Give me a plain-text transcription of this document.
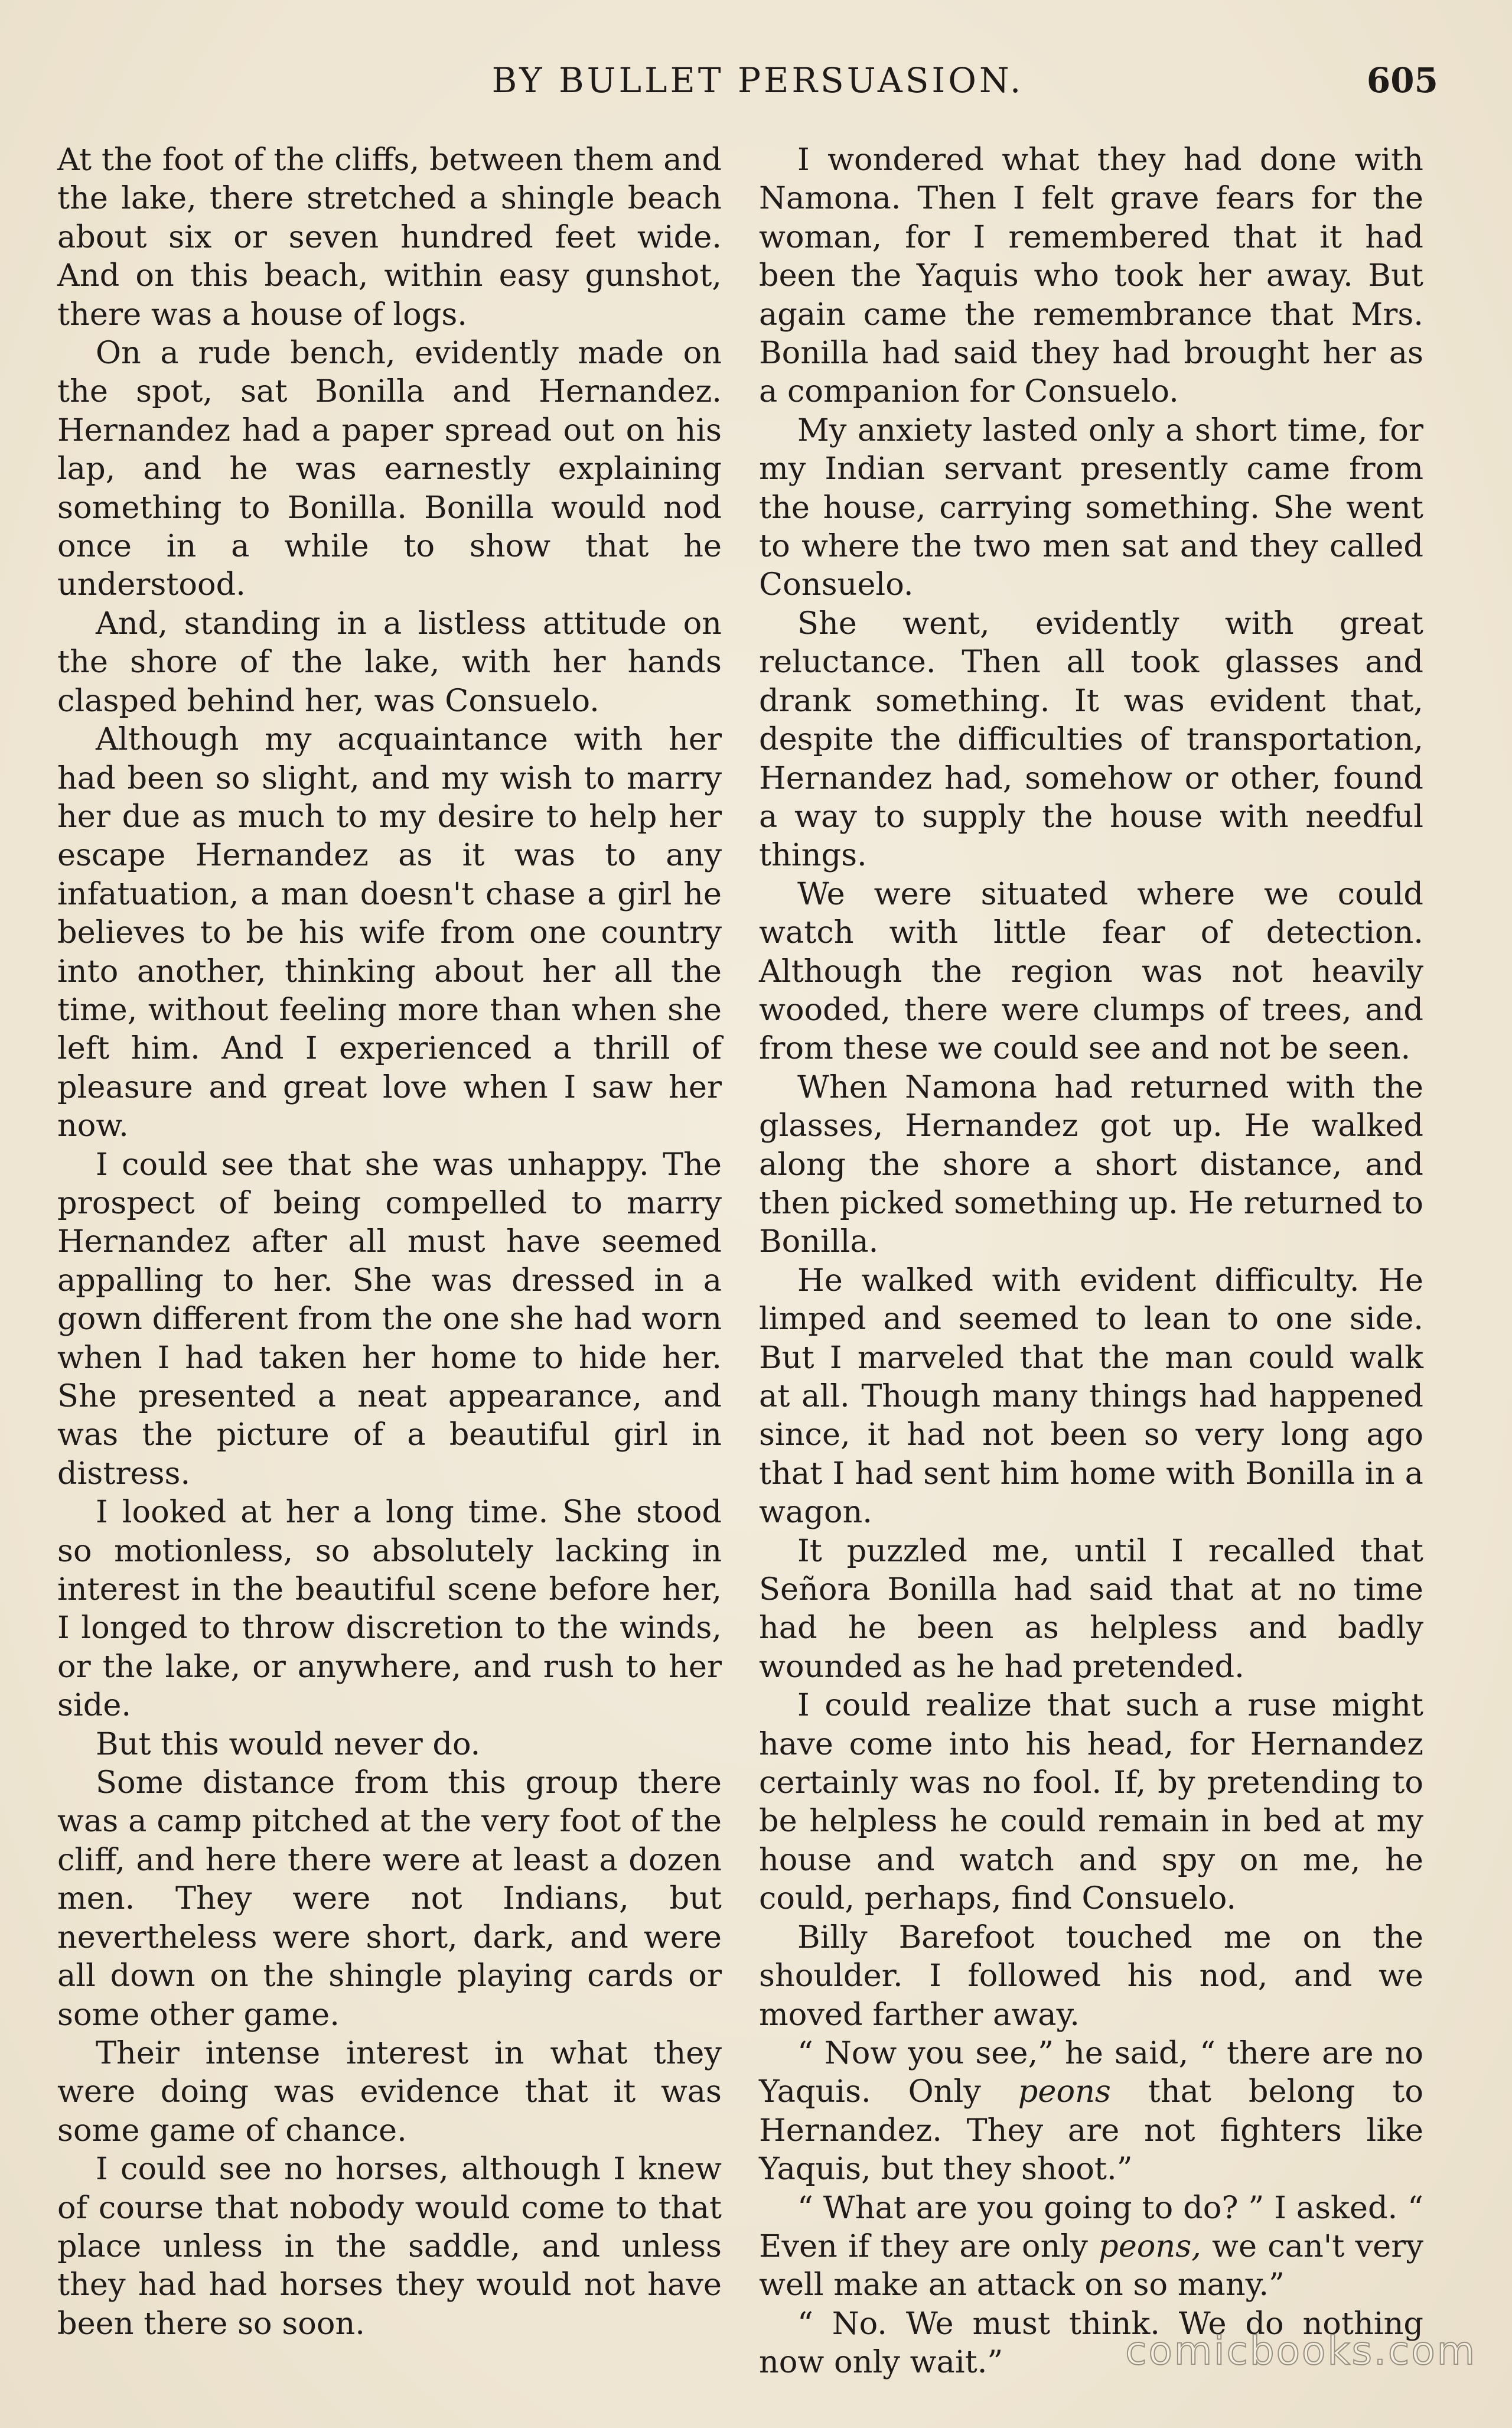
BY BULLET PERSUASION.	605

At the foot of the cliffs, between them and the lake, there stretched a shingle beach about six or seven hundred feet wide. And on this beach, within easy gunshot, there was a house of logs.

On a rude bench, evidently made on the spot, sat Bonilla and Hernandez. Hernandez had a paper spread out on his lap, and he was earnestly explaining something to Bonilla. Bonilla would nod once in a while to show that he understood.

And, standing in a listless attitude on the shore of the lake, with her hands clasped behind her, was Consuelo.

Although my acquaintance with her had been so slight, and my wish to marry her due as much to my desire to help her escape Hernandez as it was to any infatuation, a man doesn't chase a girl he believes to be his wife from one country into another, thinking about her all the time, without feeling more than when she left him. And I experienced a thrill of pleasure and great love when I saw her now.

I could see that she was unhappy. The prospect of being compelled to marry Hernandez after all must have seemed appalling to her. She was dressed in a gown different from the one she had worn when I had taken her home to hide her. She presented a neat appearance, and was the picture of a beautiful girl in distress.

I looked at her a long time. She stood so motionless, so absolutely lacking in interest in the beautiful scene before her, I longed to throw discretion to the winds, or the lake, or anywhere, and rush to her side.

But this would never do.

Some distance from this group there was a camp pitched at the very foot of the cliff, and here there were at least a dozen men. They were not Indians, but nevertheless were short, dark, and were all down on the shingle playing cards or some other game.

Their intense interest in what they were doing was evidence that it was some game of chance.

I could see no horses, although I knew of course that nobody would come to that place unless in the saddle, and unless they had had horses they would not have been there so soon.

I wondered what they had done with Namona. Then I felt grave fears for the woman, for I remembered that it had been the Yaquis who took her away. But again came the remembrance that Mrs. Bonilla had said they had brought her as a companion for Consuelo.

My anxiety lasted only a short time, for my Indian servant presently came from the house, carrying something. She went to where the two men sat and they called Consuelo.

She went, evidently with great reluctance. Then all took glasses and drank something. It was evident that, despite the difficulties of transportation, Hernandez had, somehow or other, found a way to supply the house with needful things.

We were situated where we could watch with little fear of detection. Although the region was not heavily wooded, there were clumps of trees, and from these we could see and not be seen.

When Namona had returned with the glasses, Hernandez got up. He walked along the shore a short distance, and then picked something up. He returned to Bonilla.

He walked with evident difficulty. He limped and seemed to lean to one side. But I marveled that the man could walk at all. Though many things had happened since, it had not been so very long ago that I had sent him home with Bonilla in a wagon.

It puzzled me, until I recalled that Señora Bonilla had said that at no time had he been as helpless and badly wounded as he had pretended.

I could realize that such a ruse might have come into his head, for Hernandez certainly was no fool. If, by pretending to be helpless he could remain in bed at my house and watch and spy on me, he could, perhaps, find Consuelo.

Billy Barefoot touched me on the shoulder. I followed his nod, and we moved farther away.

“ Now you see,” he said, “ there are no Yaquis. Only peons that belong to Hernandez. They are not fighters like Yaquis, but they shoot.”

“ What are you going to do? ” I asked. “ Even if they are only peons, we can't very well make an attack on so many.”

“ No. We must think. We do nothing now only wait.”	comicbooks.com
